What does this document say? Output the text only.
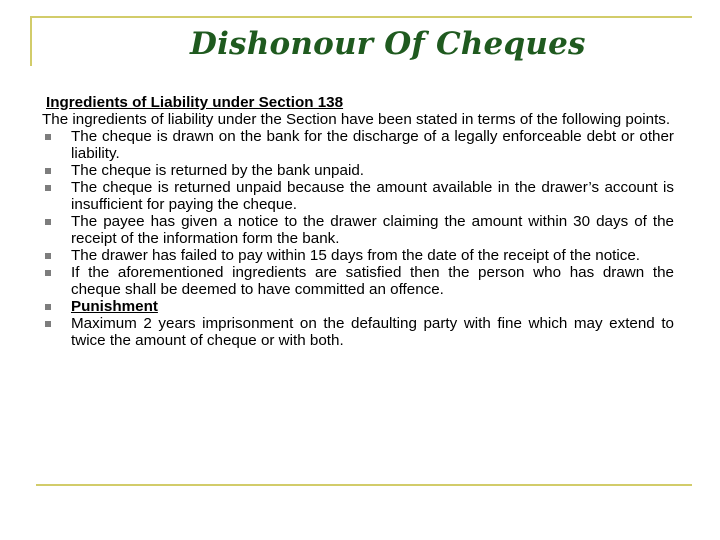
Dishonour Of Cheques

Ingredients of Liability under Section 138

The ingredients of liability under the Section have been stated in terms of the following points.

The cheque is drawn on the bank for the discharge of a legally enforceable debt or other liability.
The cheque is returned by the bank unpaid.
The cheque is returned unpaid because the amount available in the drawer’s account is insufficient for paying the cheque.
The payee has given a notice to the drawer claiming the amount within 30 days of the receipt of the information form the bank.
The drawer has failed to pay within 15 days from the date of the receipt of the notice.
If the aforementioned ingredients are satisfied then the person who has drawn the cheque shall be deemed to have committed an offence.
Punishment
Maximum 2 years imprisonment on the defaulting party with fine which may extend to twice the amount of cheque or with both.
